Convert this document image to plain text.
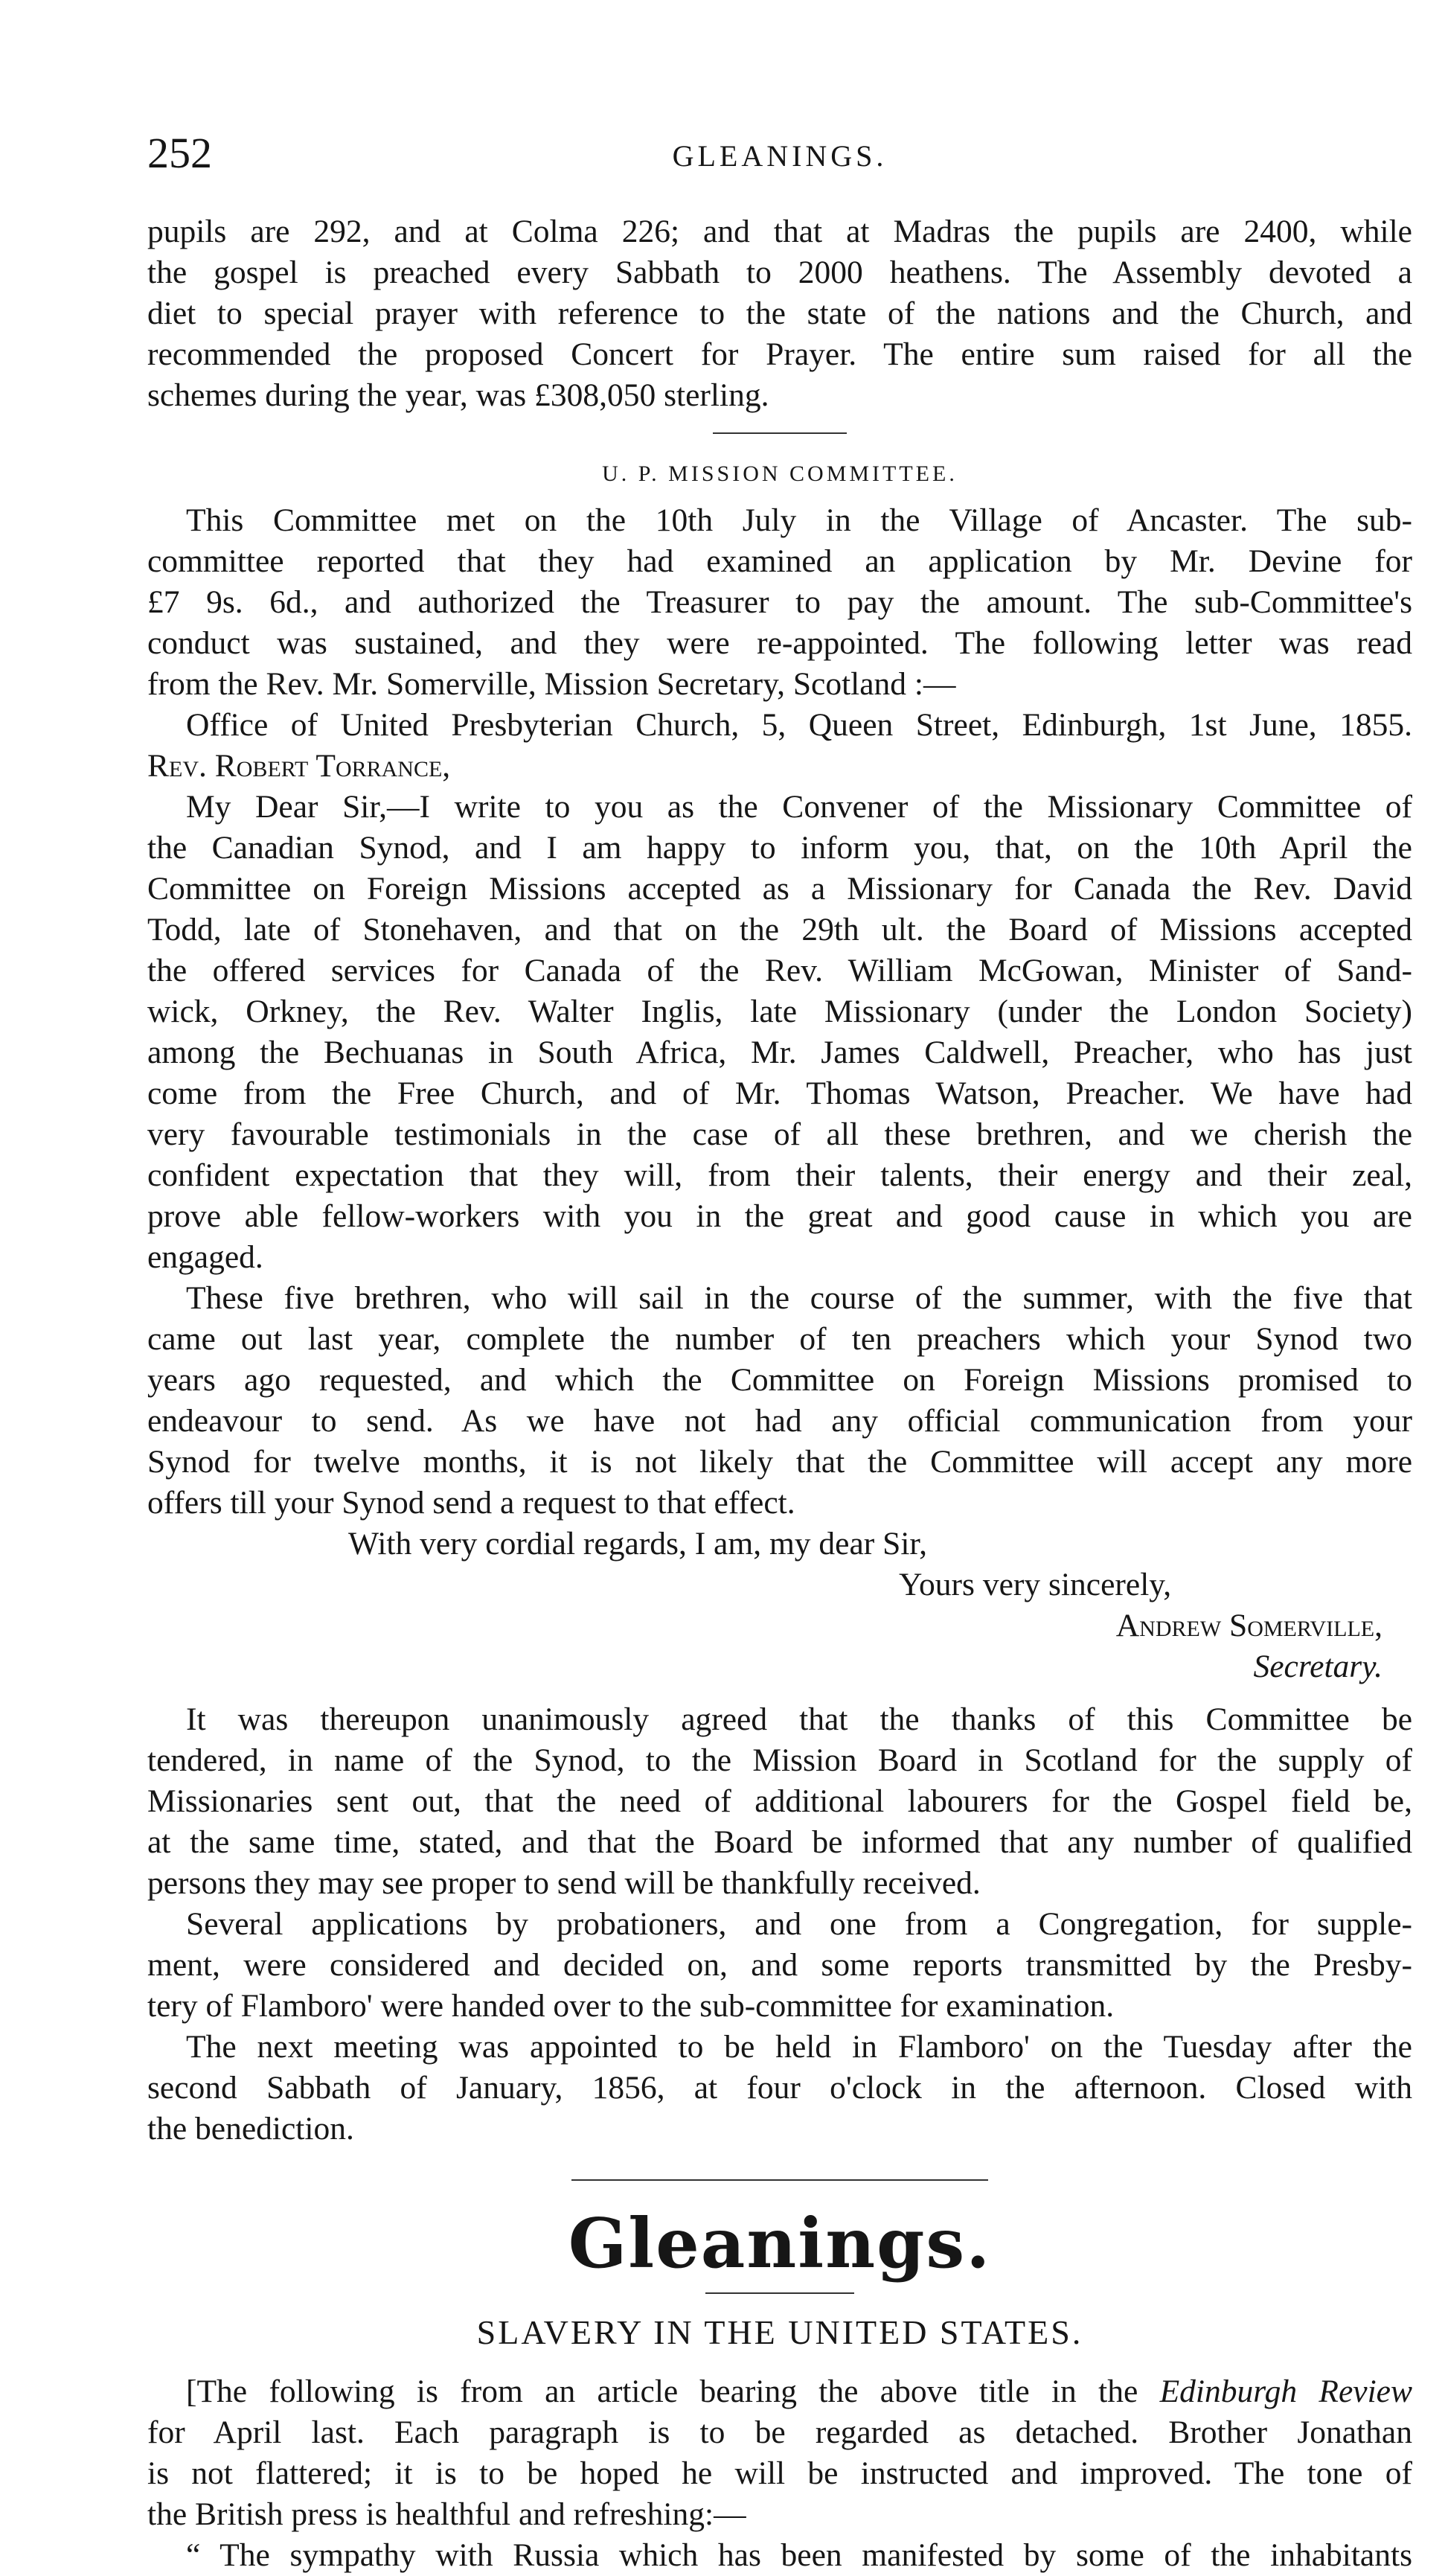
252	GLEANINGS.

pupils are 292, and at Colma 226; and that at Madras the pupils are 2400, while

the gospel is preached every Sabbath to 2000 heathens. The Assembly devoted a

diet to special prayer with reference to the state of the nations and the Church, and

recommended the proposed Concert for Prayer. The entire sum raised for all the

schemes during the year, was £308,050 sterling.

U. P. MISSION COMMITTEE.

This Committee met on the 10th July in the Village of Ancaster. The sub-

committee reported that they had examined an application by Mr. Devine for

£7 9s. 6d., and authorized the Treasurer to pay the amount. The sub-Committee's

conduct was sustained, and they were re-appointed. The following letter was read

from the Rev. Mr. Somerville, Mission Secretary, Scotland :—

Office of United Presbyterian Church, 5, Queen Street, Edinburgh, 1st June, 1855.

Rev. Robert Torrance,

My Dear Sir,—I write to you as the Convener of the Missionary Committee of

the Canadian Synod, and I am happy to inform you, that, on the 10th April the

Committee on Foreign Missions accepted as a Missionary for Canada the Rev. David

Todd, late of Stonehaven, and that on the 29th ult. the Board of Missions accepted

the offered services for Canada of the Rev. William McGowan, Minister of Sand-

wick, Orkney, the Rev. Walter Inglis, late Missionary (under the London Society)

among the Bechuanas in South Africa, Mr. James Caldwell, Preacher, who has just

come from the Free Church, and of Mr. Thomas Watson, Preacher. We have had

very favourable testimonials in the case of all these brethren, and we cherish the

confident expectation that they will, from their talents, their energy and their zeal,

prove able fellow-workers with you in the great and good cause in which you are

engaged.

These five brethren, who will sail in the course of the summer, with the five that

came out last year, complete the number of ten preachers which your Synod two

years ago requested, and which the Committee on Foreign Missions promised to

endeavour to send. As we have not had any official communication from your

Synod for twelve months, it is not likely that the Committee will accept any more

offers till your Synod send a request to that effect.

With very cordial regards, I am, my dear Sir,

Yours very sincerely,

Andrew Somerville,

Secretary.

It was thereupon unanimously agreed that the thanks of this Committee be

tendered, in name of the Synod, to the Mission Board in Scotland for the supply of

Missionaries sent out, that the need of additional labourers for the Gospel field be,

at the same time, stated, and that the Board be informed that any number of qualified

persons they may see proper to send will be thankfully received.

Several applications by probationers, and one from a Congregation, for supple-

ment, were considered and decided on, and some reports transmitted by the Presby-

tery of Flamboro' were handed over to the sub-committee for examination.

The next meeting was appointed to be held in Flamboro' on the Tuesday after the

second Sabbath of January, 1856, at four o'clock in the afternoon. Closed with

the benediction.

Gleanings.
SLAVERY IN THE UNITED STATES.

[The following is from an article bearing the above title in the Edinburgh Review

for April last. Each paragraph is to be regarded as detached. Brother Jonathan

is not flattered; it is to be hoped he will be instructed and improved. The tone of

the British press is healthful and refreshing:—

“ The sympathy with Russia which has been manifested by some of the inhabitants
